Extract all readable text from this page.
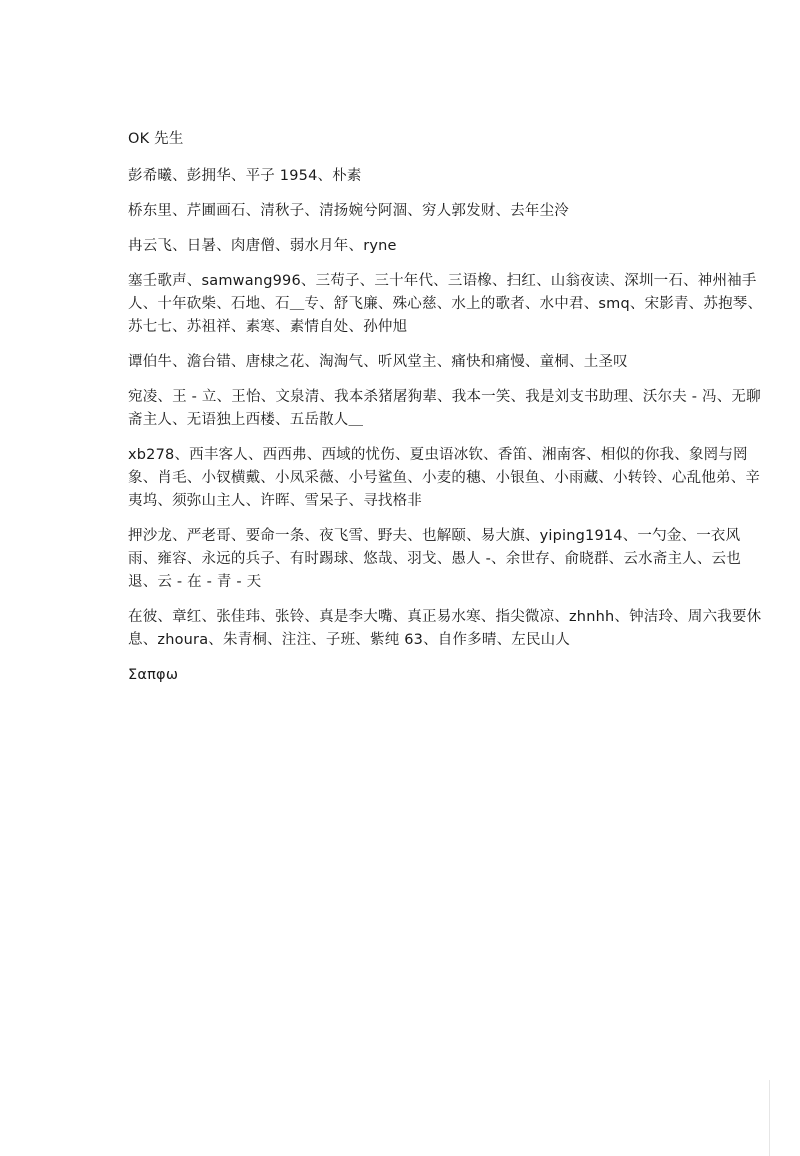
OK 先生

彭希曦、彭拥华、平子 1954、朴素

桥东里、芹圃画石、清秋子、清扬婉兮阿涸、穷人郭发财、去年尘泠

冉云飞、日暑、肉唐僧、弱水月年、ryne

塞壬歌声、samwang996、三苟子、三十年代、三语橡、扫红、山翁夜读、深圳一石、神州袖手人、十年砍柴、石地、石＿专、舒飞廉、殊心慈、水上的歌者、水中君、smq、宋影青、苏抱琴、苏七七、苏祖祥、素寒、素情自处、孙仲旭

谭伯牛、澹台错、唐棣之花、淘淘气、听风堂主、痛快和痛慢、童桐、土圣叹

宛凌、王 - 立、王怡、文泉清、我本杀猪屠狗辈、我本一笑、我是刘支书助理、沃尔夫 - 冯、无聊斋主人、无语独上西楼、五岳散人＿

xb278、西丰客人、西西弗、西域的忧伤、夏虫语冰钦、香笛、湘南客、相似的你我、象罔与罔象、肖毛、小钗横戴、小凤采薇、小号鲨鱼、小麦的穗、小银鱼、小雨藏、小转铃、心乱他弟、辛夷坞、须弥山主人、许晖、雪呆子、寻找格非

押沙龙、严老哥、要命一条、夜飞雪、野夫、也解颐、易大旗、yiping1914、一勺金、一衣风雨、雍容、永远的兵子、有时踢球、悠哉、羽戈、愚人 -、余世存、俞晓群、云水斋主人、云也退、云 - 在 - 青 - 天

在彼、章红、张佳玮、张铃、真是李大嘴、真正易水寒、指尖微凉、zhnhh、钟洁玲、周六我要休息、zhoura、朱青桐、注注、子班、紫纯 63、自作多晴、左民山人

Σαπφω
